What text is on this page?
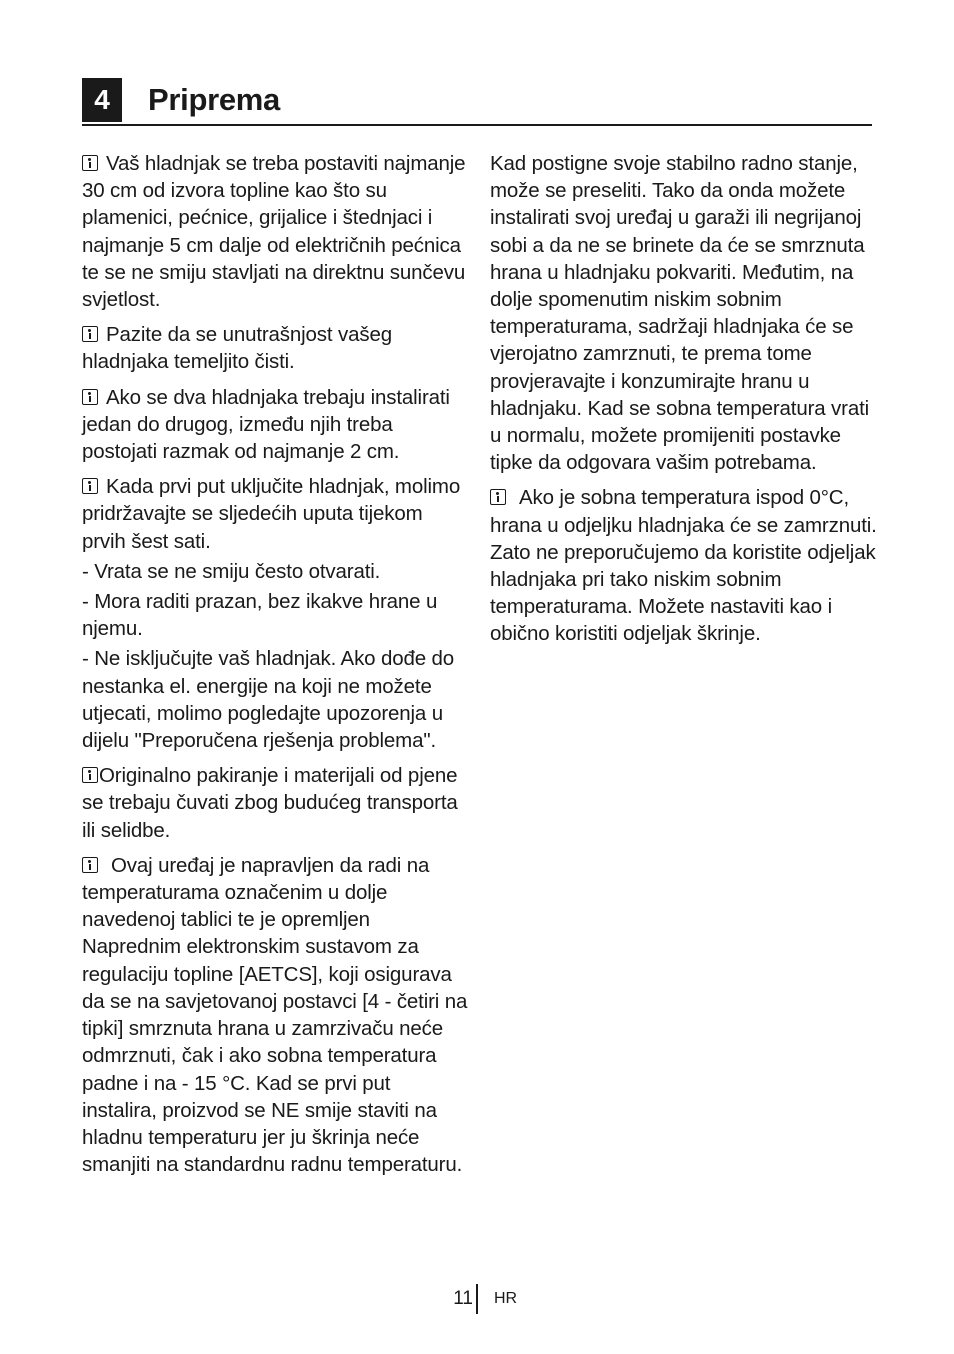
4	Priprema

Vaš hladnjak se treba postaviti najmanje 30 cm od izvora topline kao što su plamenici, pećnice, grijalice i štednjaci i najmanje 5 cm dalje od električnih pećnica te se ne smiju stavljati na direktnu sunčevu svjetlost.

Pazite da se unutrašnjost vašeg hladnjaka temeljito čisti.

Ako se dva hladnjaka trebaju instalirati jedan do drugog, između njih treba postojati razmak od najmanje 2 cm.

Kada prvi put uključite hladnjak, molimo pridržavajte se sljedećih uputa tijekom prvih šest sati.

- Vrata se ne smiju često otvarati.

- Mora raditi prazan, bez ikakve hrane u njemu.

- Ne isključujte vaš hladnjak. Ako dođe do nestanka el. energije na koji ne možete utjecati, molimo pogledajte upozorenja u dijelu "Preporučena rješenja problema".

Originalno pakiranje i materijali od pjene se trebaju čuvati zbog budućeg transporta ili selidbe.

Ovaj uređaj je napravljen da radi na temperaturama označenim u dolje navedenoj tablici te je opremljen Naprednim elektronskim sustavom za regulaciju topline [AETCS], koji osigurava da se na savjetovanoj postavci [4 - četiri na tipki] smrznuta hrana u zamrzivaču neće odmrznuti, čak i ako sobna temperatura padne i na - 15 °C. Kad se prvi put instalira, proizvod se NE smije staviti na hladnu temperaturu jer ju škrinja neće smanjiti na standardnu radnu temperaturu.

Kad postigne svoje stabilno radno stanje, može se preseliti. Tako da onda možete instalirati svoj uređaj u garaži ili negrijanoj sobi a da ne se brinete da će se smrznuta hrana u hladnjaku pokvariti. Međutim, na dolje spomenutim niskim sobnim temperaturama, sadržaji hladnjaka će se vjerojatno zamrznuti, te prema tome provjeravajte i konzumirajte hranu u hladnjaku. Kad se sobna temperatura vrati u normalu, možete promijeniti postavke tipke da odgovara vašim potrebama.

Ako je sobna temperatura ispod 0°C, hrana u odjeljku hladnjaka će se zamrznuti. Zato ne preporučujemo da koristite odjeljak hladnjaka pri tako niskim sobnim temperaturama. Možete nastaviti kao i obično koristiti odjeljak škrinje.

11 HR
